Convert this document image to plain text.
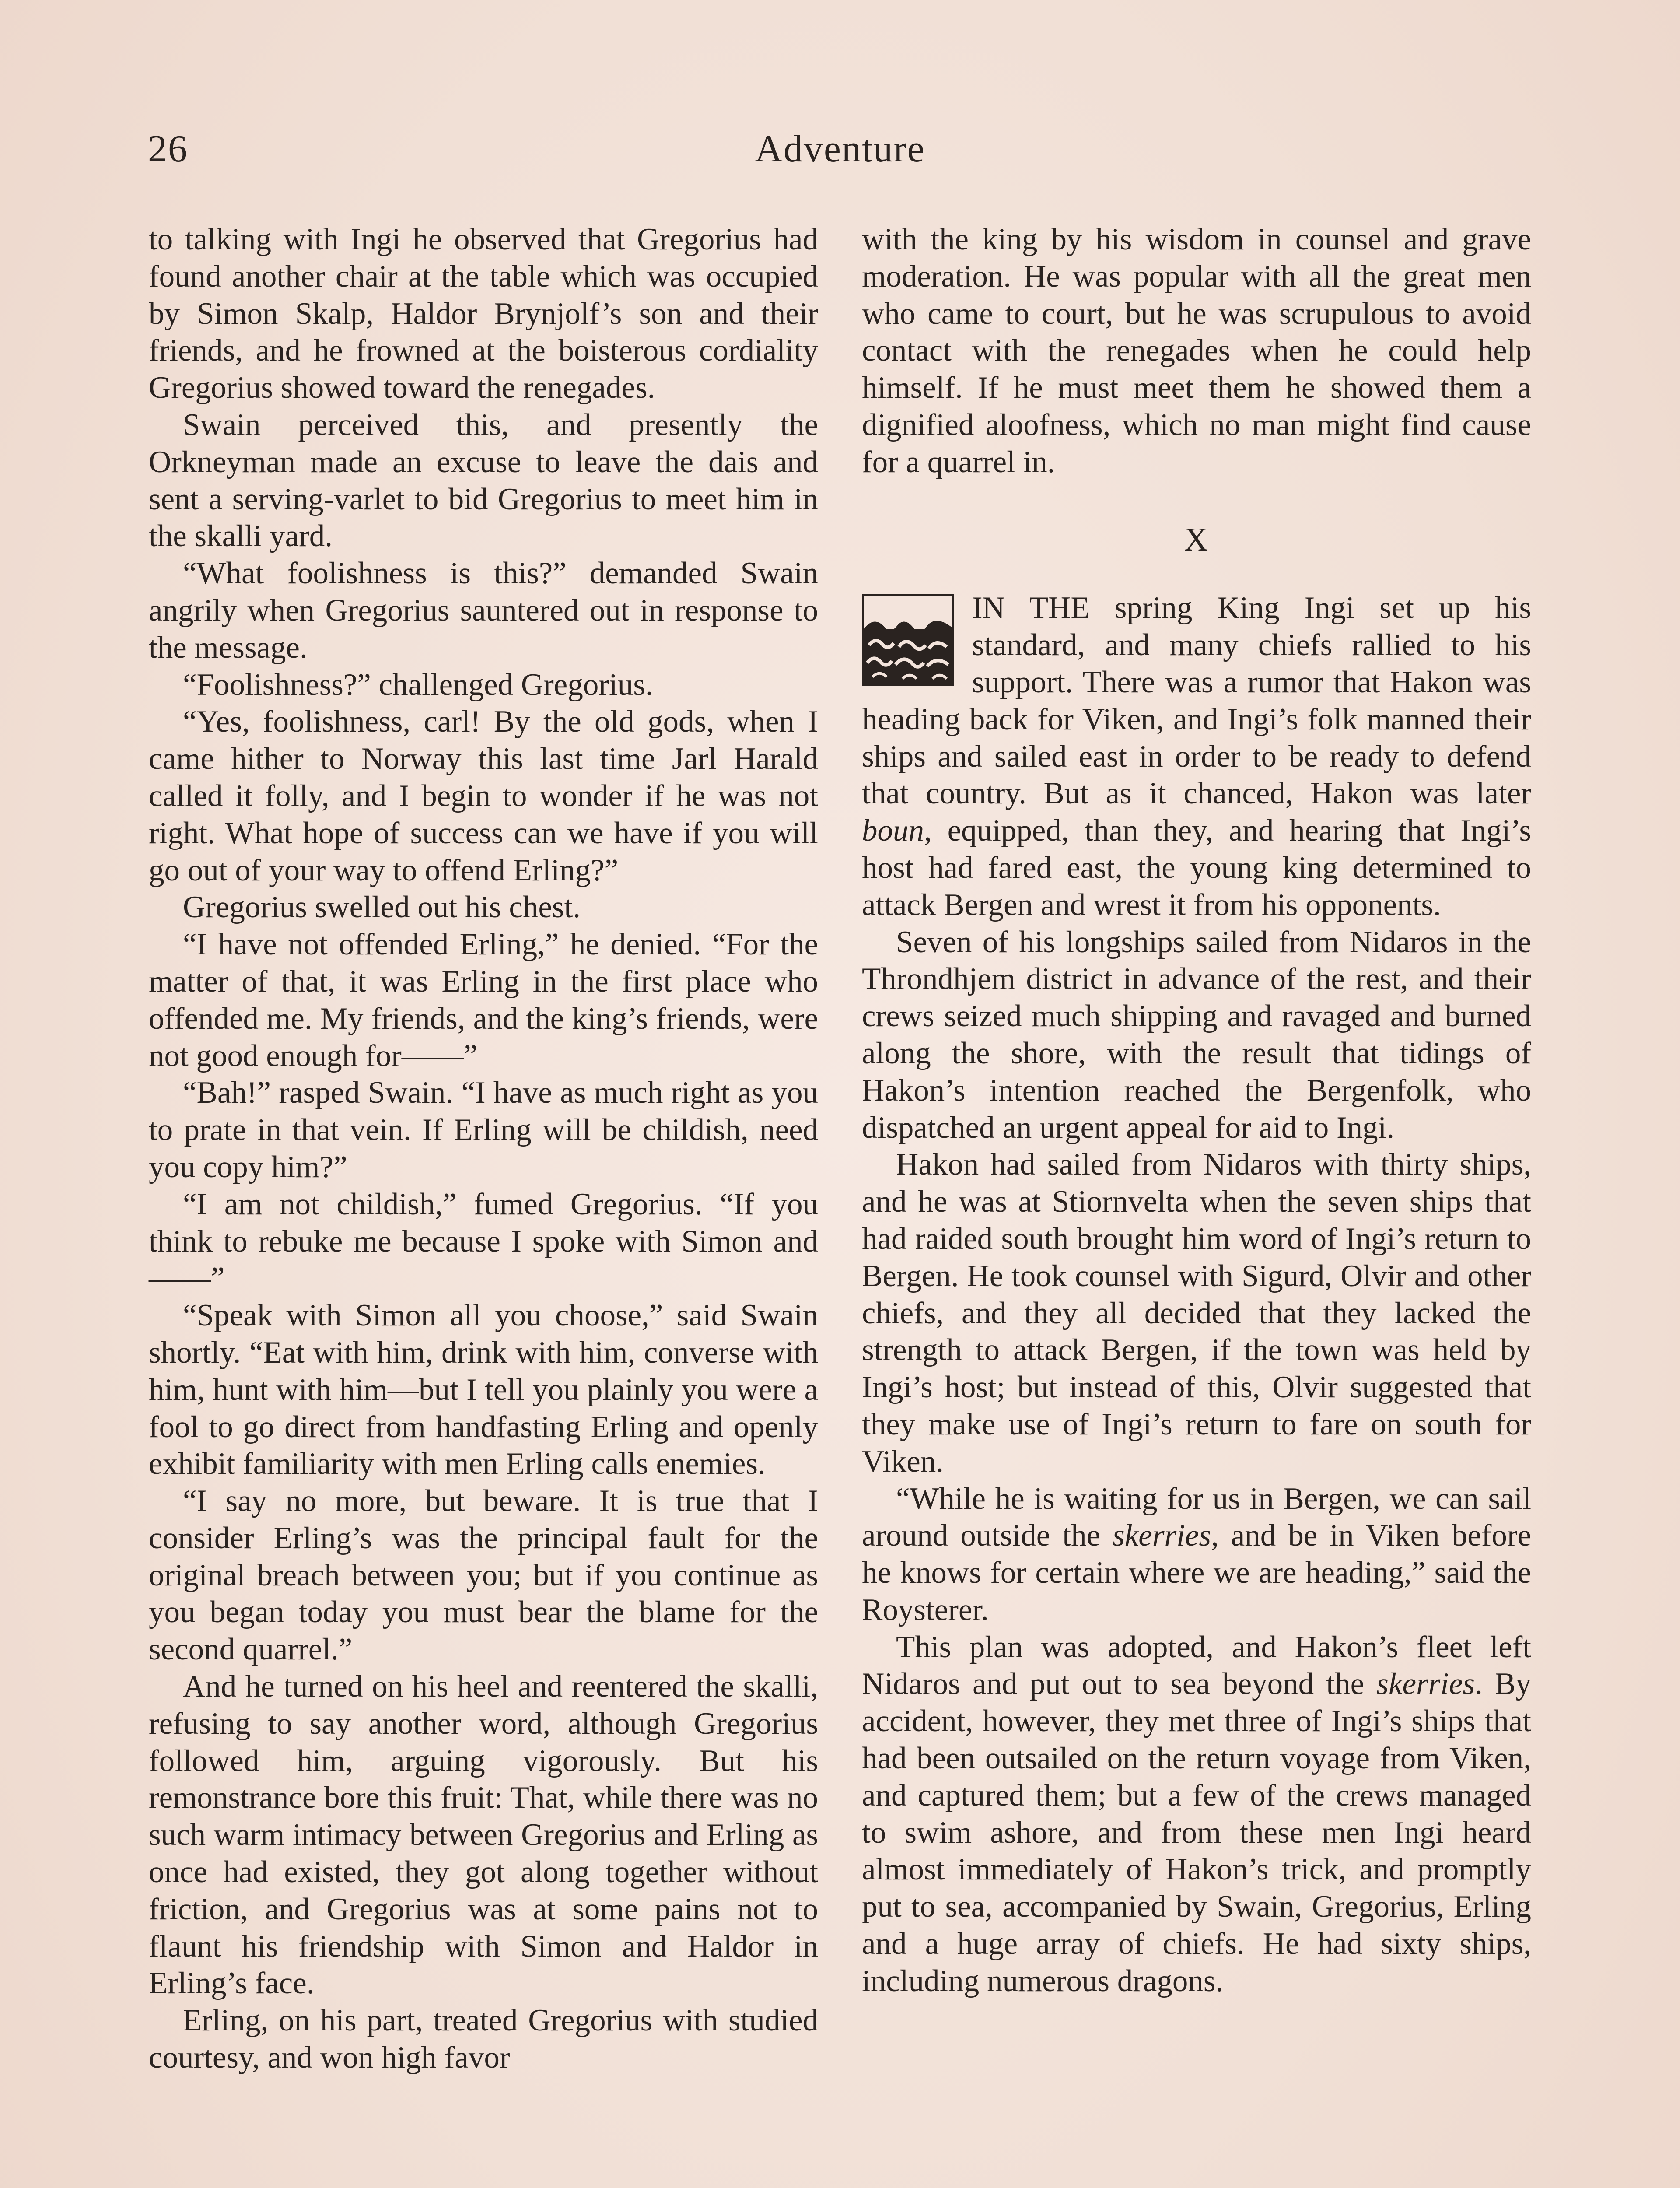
26	Adventure

to talking with Ingi he observed that Gregorius had found another chair at the table which was occupied by Simon Skalp, Haldor Brynjolf’s son and their friends, and he frowned at the boisterous cordiality Gregorius showed toward the renegades.

Swain perceived this, and presently the Orkneyman made an excuse to leave the dais and sent a serving-varlet to bid Gregorius to meet him in the skalli yard.

“What foolishness is this?” demanded Swain angrily when Gregorius sauntered out in response to the message.

“Foolishness?” challenged Gregorius.

“Yes, foolishness, carl! By the old gods, when I came hither to Norway this last time Jarl Harald called it folly, and I begin to wonder if he was not right. What hope of success can we have if you will go out of your way to offend Erling?”

Gregorius swelled out his chest.

“I have not offended Erling,” he denied. “For the matter of that, it was Erling in the first place who offended me. My friends, and the king’s friends, were not good enough for——”

“Bah!” rasped Swain. “I have as much right as you to prate in that vein. If Erling will be childish, need you copy him?”

“I am not childish,” fumed Gregorius. “If you think to rebuke me because I spoke with Simon and——”

“Speak with Simon all you choose,” said Swain shortly. “Eat with him, drink with him, converse with him, hunt with him—but I tell you plainly you were a fool to go direct from handfasting Erling and openly exhibit familiarity with men Erling calls enemies.

“I say no more, but beware. It is true that I consider Erling’s was the principal fault for the original breach between you; but if you continue as you began today you must bear the blame for the second quarrel.”

And he turned on his heel and reentered the skalli, refusing to say another word, although Gregorius followed him, arguing vigorously. But his remonstrance bore this fruit: That, while there was no such warm intimacy between Gregorius and Erling as once had existed, they got along together without friction, and Gregorius was at some pains not to flaunt his friendship with Simon and Haldor in Erling’s face.

Erling, on his part, treated Gregorius with studied courtesy, and won high favor

with the king by his wisdom in counsel and grave moderation. He was popular with all the great men who came to court, but he was scrupulous to avoid contact with the renegades when he could help himself. If he must meet them he showed them a dignified aloofness, which no man might find cause for a quarrel in.

X

IN THE spring King Ingi set up his standard, and many chiefs rallied to his support. There was a rumor that Hakon was heading back for Viken, and Ingi’s folk manned their ships and sailed east in order to be ready to defend that country. But as it chanced, Hakon was later boun, equipped, than they, and hearing that Ingi’s host had fared east, the young king determined to attack Bergen and wrest it from his opponents.

Seven of his longships sailed from Nidaros in the Throndhjem district in advance of the rest, and their crews seized much shipping and ravaged and burned along the shore, with the result that tidings of Hakon’s intention reached the Bergenfolk, who dispatched an urgent appeal for aid to Ingi.

Hakon had sailed from Nidaros with thirty ships, and he was at Stiornvelta when the seven ships that had raided south brought him word of Ingi’s return to Bergen. He took counsel with Sigurd, Olvir and other chiefs, and they all decided that they lacked the strength to attack Bergen, if the town was held by Ingi’s host; but instead of this, Olvir suggested that they make use of Ingi’s return to fare on south for Viken.

“While he is waiting for us in Bergen, we can sail around outside the skerries, and be in Viken before he knows for certain where we are heading,” said the Roysterer.

This plan was adopted, and Hakon’s fleet left Nidaros and put out to sea beyond the skerries. By accident, however, they met three of Ingi’s ships that had been outsailed on the return voyage from Viken, and captured them; but a few of the crews managed to swim ashore, and from these men Ingi heard almost immediately of Hakon’s trick, and promptly put to sea, accompanied by Swain, Gregorius, Erling and a huge array of chiefs. He had sixty ships, including numerous dragons.
